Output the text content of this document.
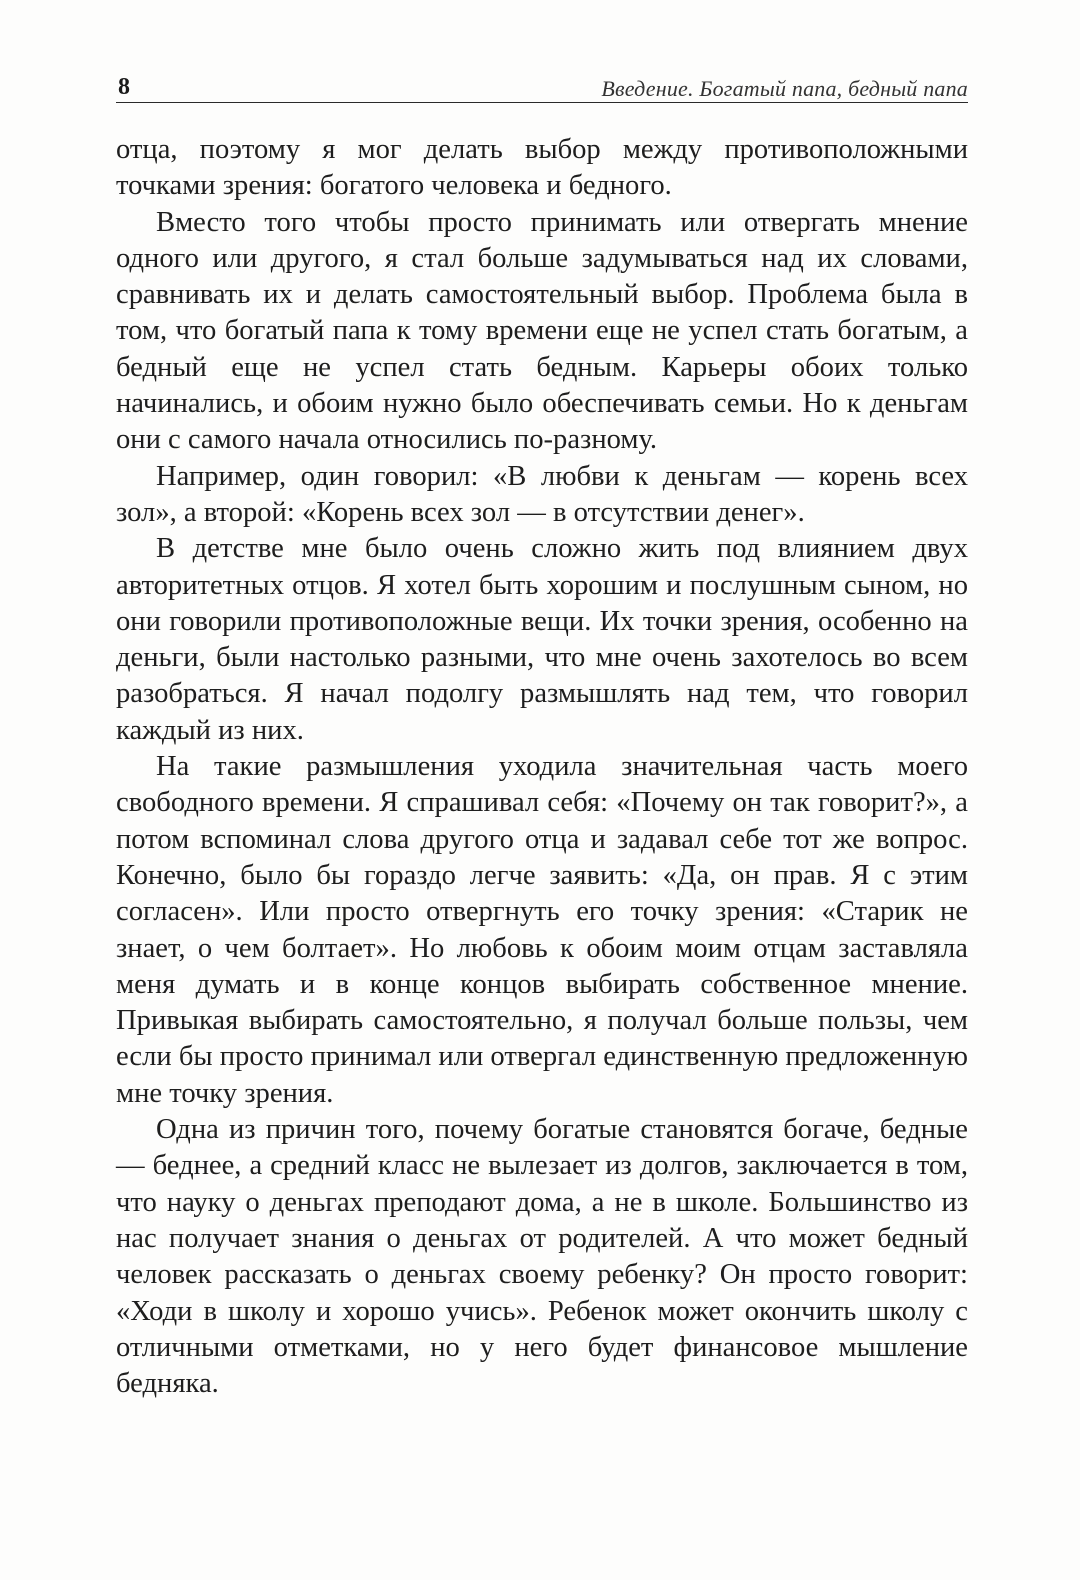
8	Введение. Богатый папа, бедный папа

отца, поэтому я мог делать выбор между противоположными точками зрения: богатого человека и бедного.

Вместо того чтобы просто принимать или отвергать мнение одного или другого, я стал больше задумываться над их словами, сравнивать их и делать самостоятельный выбор. Проблема была в том, что богатый папа к тому времени еще не успел стать богатым, а бедный еще не успел стать бедным. Карьеры обоих только начинались, и обоим нужно было обеспечивать семьи. Но к деньгам они с самого начала относились по-разному.

Например, один говорил: «В любви к деньгам — корень всех зол», а второй: «Корень всех зол — в отсутствии денег».

В детстве мне было очень сложно жить под влиянием двух авторитетных отцов. Я хотел быть хорошим и послушным сыном, но они говорили противоположные вещи. Их точки зрения, особенно на деньги, были настолько разными, что мне очень захотелось во всем разобраться. Я начал подолгу размышлять над тем, что говорил каждый из них.

На такие размышления уходила значительная часть моего свободного времени. Я спрашивал себя: «Почему он так говорит?», а потом вспоминал слова другого отца и задавал себе тот же вопрос. Конечно, было бы гораздо легче заявить: «Да, он прав. Я с этим согласен». Или просто отвергнуть его точку зрения: «Старик не знает, о чем болтает». Но любовь к обоим моим отцам заставляла меня думать и в конце концов выбирать собственное мнение. Привыкая выбирать самостоятельно, я получал больше пользы, чем если бы просто принимал или отвергал единственную предложенную мне точку зрения.

Одна из причин того, почему богатые становятся богаче, бедные — беднее, а средний класс не вылезает из долгов, заключается в том, что науку о деньгах преподают дома, а не в школе. Большинство из нас получает знания о деньгах от родителей. А что может бедный человек рассказать о деньгах своему ребенку? Он просто говорит: «Ходи в школу и хорошо учись». Ребенок может окончить школу с отличными отметками, но у него будет финансовое мышление бедняка.
